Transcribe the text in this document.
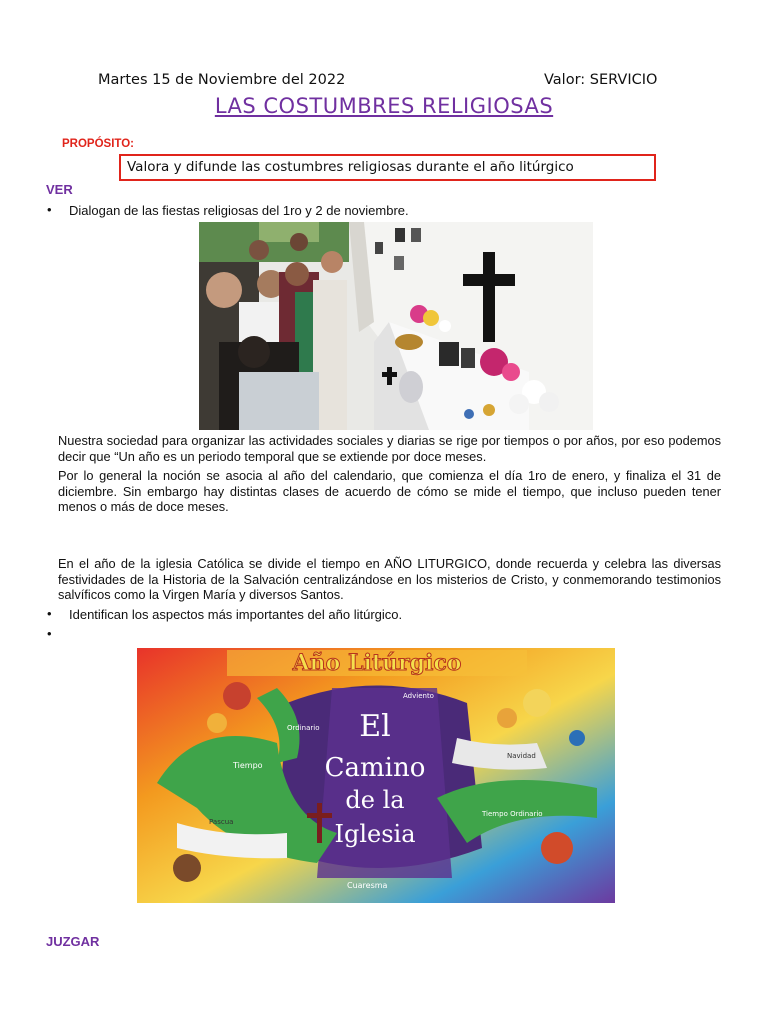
Martes 15 de Noviembre del 2022	Valor: SERVICIO
LAS COSTUMBRES RELIGIOSAS
PROPÓSITO:
Valora y difunde las costumbres religiosas durante el año litúrgico
VER
• Dialogan de las fiestas religiosas del 1ro y 2 de noviembre.
Nuestra sociedad para organizar las actividades sociales y diarias se rige por tiempos o por años, por eso podemos decir que “Un año es un periodo temporal que se extiende por doce meses.
Por lo general la noción se asocia al año del calendario, que comienza el día 1ro de enero, y finaliza el 31 de diciembre. Sin embargo hay distintas clases de acuerdo de cómo se mide el tiempo, que incluso pueden tener menos o más de doce meses.
En el año de la iglesia Católica se divide el tiempo en AÑO LITURGICO, donde recuerda y celebra las diversas festividades de la Historia de la Salvación centralizándose en los misterios de Cristo, y conmemorando testimonios salvíficos como la Virgen María y diversos Santos.
• Identifican los aspectos más importantes del año litúrgico.
•
Año Litúrgico
El
Camino
de la
Iglesia
Tiempo
Ordinario
Adviento
Navidad
Cuaresma
Pascua
Tiempo Ordinario
JUZGAR
